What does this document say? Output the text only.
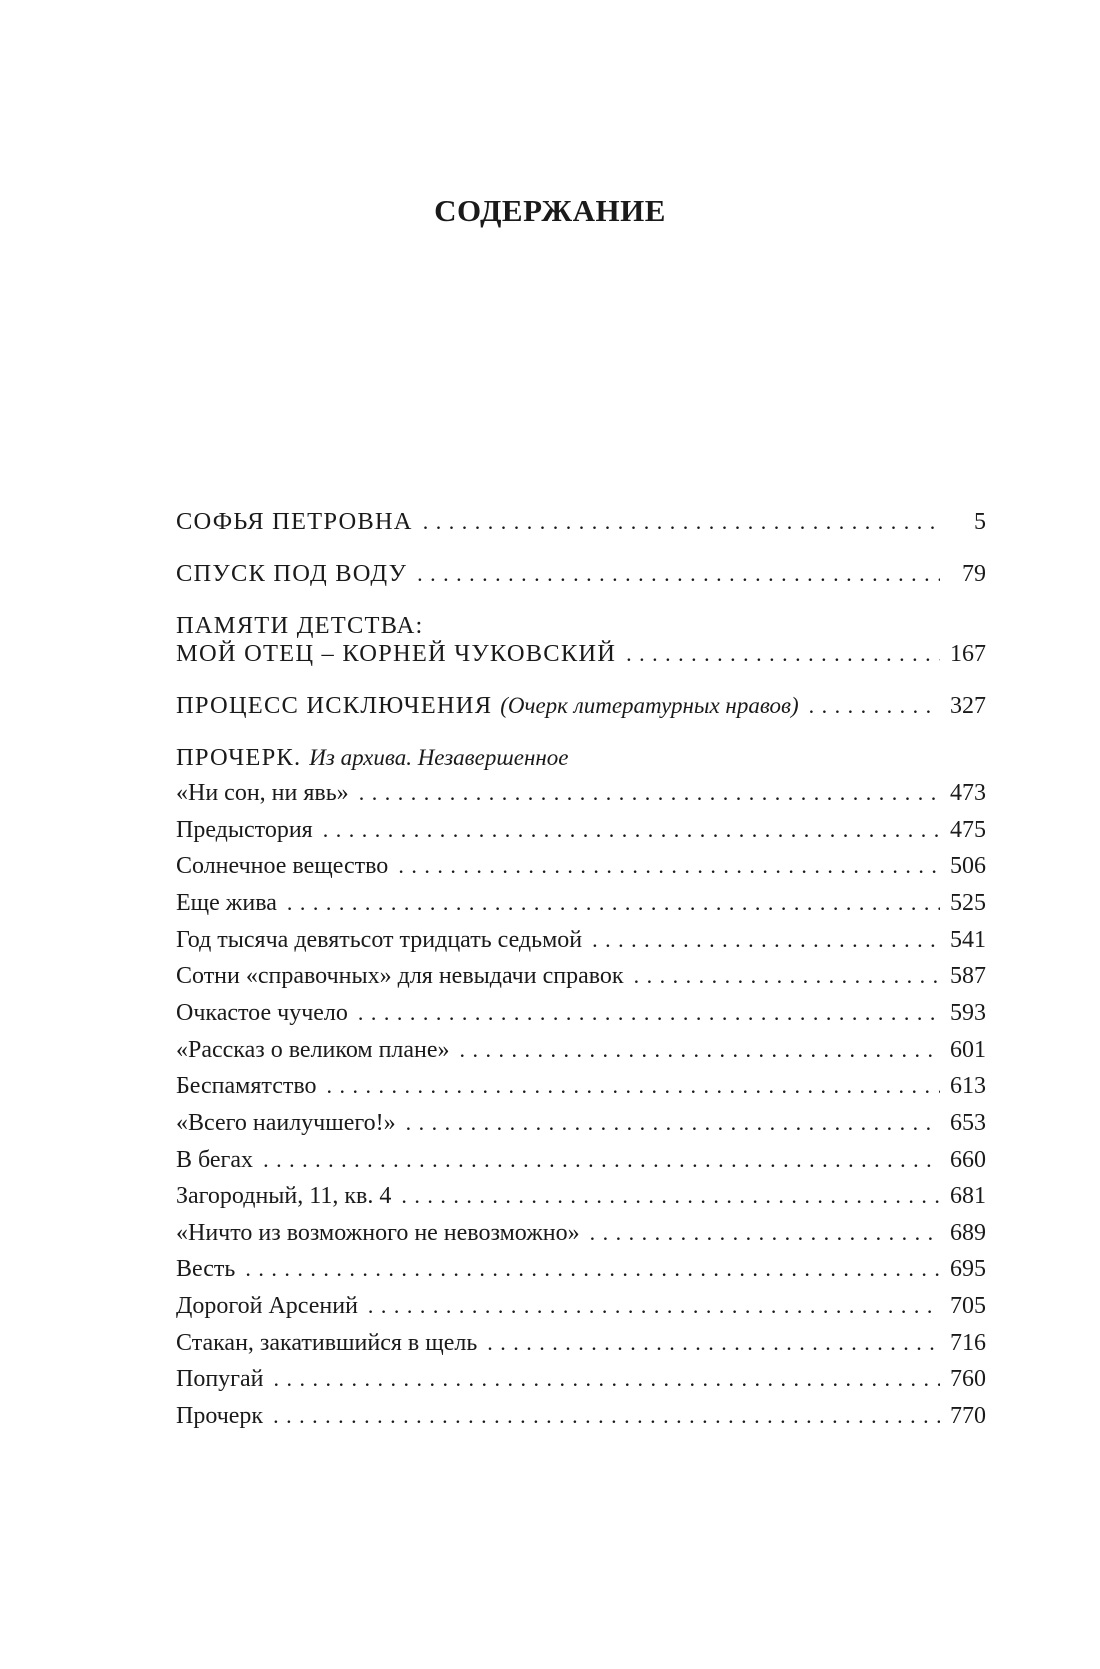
СОДЕРЖАНИЕ
СОФЬЯ ПЕТРОВНА . . .	5
СПУСК ПОД ВОДУ . . .	79
ПАМЯТИ ДЕТСТВА:
МОЙ ОТЕЦ – КОРНЕЙ ЧУКОВСКИЙ . . .	167
ПРОЦЕСС ИСКЛЮЧЕНИЯ (Очерк литературных нравов) . . .	327
ПРОЧЕРК. Из архива. Незавершенное
«Ни сон, ни явь» . . .	473
Предыстория . . .	475
Солнечное вещество . . .	506
Еще жива . . .	525
Год тысяча девятьсот тридцать седьмой . . .	541
Сотни «справочных» для невыдачи справок . . .	587
Очкастое чучело . . .	593
«Рассказ о великом плане» . . .	601
Беспамятство . . .	613
«Всего наилучшего!» . . .	653
В бегах . . .	660
Загородный, 11, кв. 4 . . .	681
«Ничто из возможного не невозможно» . . .	689
Весть . . .	695
Дорогой Арсений . . .	705
Стакан, закатившийся в щель . . .	716
Попугай . . .	760
Прочерк . . .	770
